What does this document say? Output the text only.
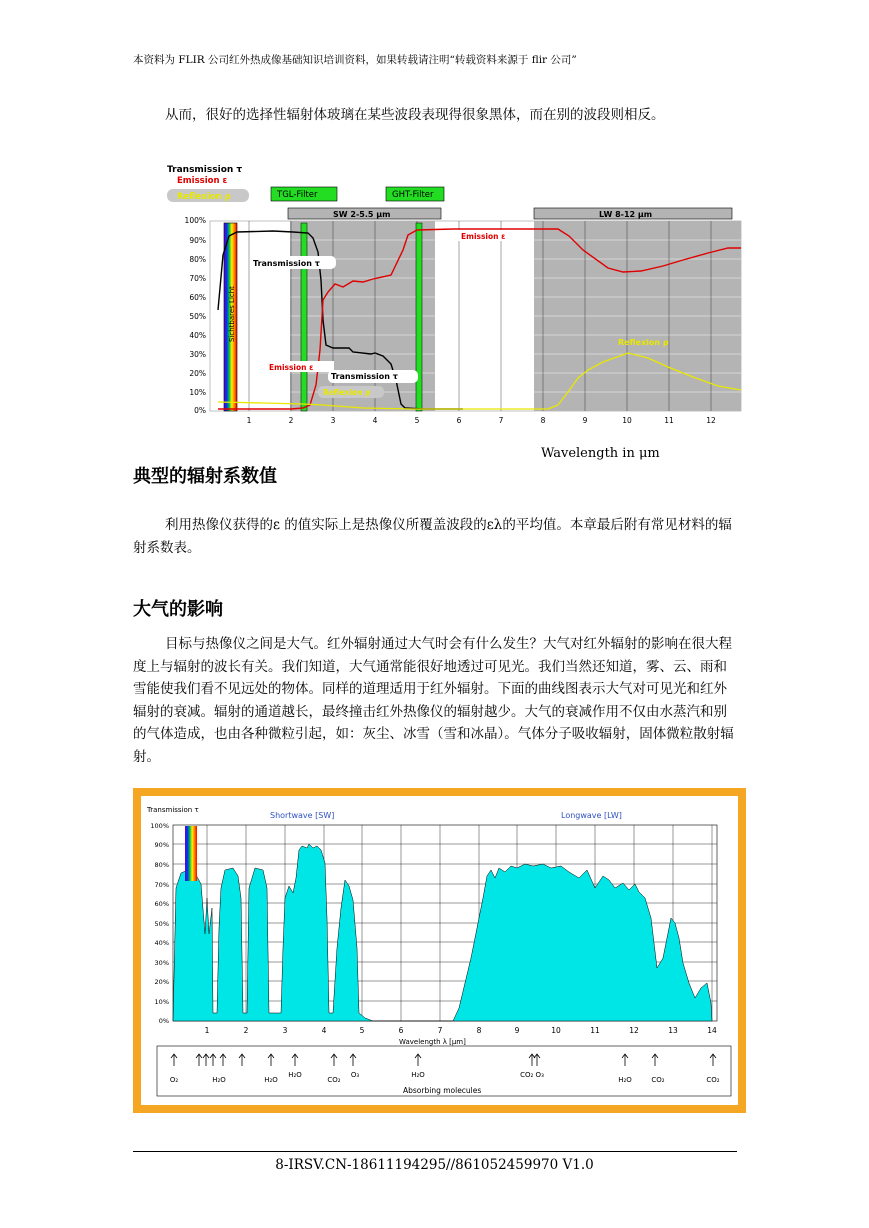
本资料为 FLIR 公司红外热成像基础知识培训资料，如果转载请注明“转载资料来源于 flir 公司”
从而，很好的选择性辐射体玻璃在某些波段表现得很象黑体，而在别的波段则相反。
Transmission τ
Emission ε
Reflexion ρ	TGL-Filter	GHT-Filter
SW 2-5.5 μm	LW 8-12 μm
Sichtbares Licht
100%
90%
80%
70%
60%
50%
40%
30%
20%
10%
0%
1	2	3	4	5	6	7	8	9	10	11	12
Emission ε
Transmission τ
Emission ε
Transmission τ
Reflexion ρ
Reflexion ρ
Wavelength in μm
典型的辐射系数值
利用热像仪获得的ε 的值实际上是热像仪所覆盖波段的ελ的平均值。本章最后附有常见材料的辐射系数表。
大气的影响
目标与热像仪之间是大气。红外辐射通过大气时会有什么发生？大气对红外辐射的影响在很大程度上与辐射的波长有关。我们知道，大气通常能很好地透过可见光。我们当然还知道，雾、云、雨和雪能使我们看不见远处的物体。同样的道理适用于红外辐射。下面的曲线图表示大气对可见光和红外辐射的衰减。辐射的通道越长，最终撞击红外热像仪的辐射越少。大气的衰减作用不仅由水蒸汽和别的气体造成，也由各种微粒引起，如：灰尘、冰雪（雪和冰晶）。气体分子吸收辐射，固体微粒散射辐射。
Transmission τ
Shortwave [SW]	Longwave [LW]
100%
90%
80%
70%
60%
50%
40%
30%
20%
10%
0%
1	2	3	4	5	6	7	8	9	10	11	12	13	14
Wavelength λ [μm]
O₂	H₂O	H₂O
H₂O
CO₂
O₃	H₂O	CO₂ O₃
H₂O	CO₂	CO₂
Absorbing molecules
8-IRSV.CN-18611194295//861052459970 V1.0
